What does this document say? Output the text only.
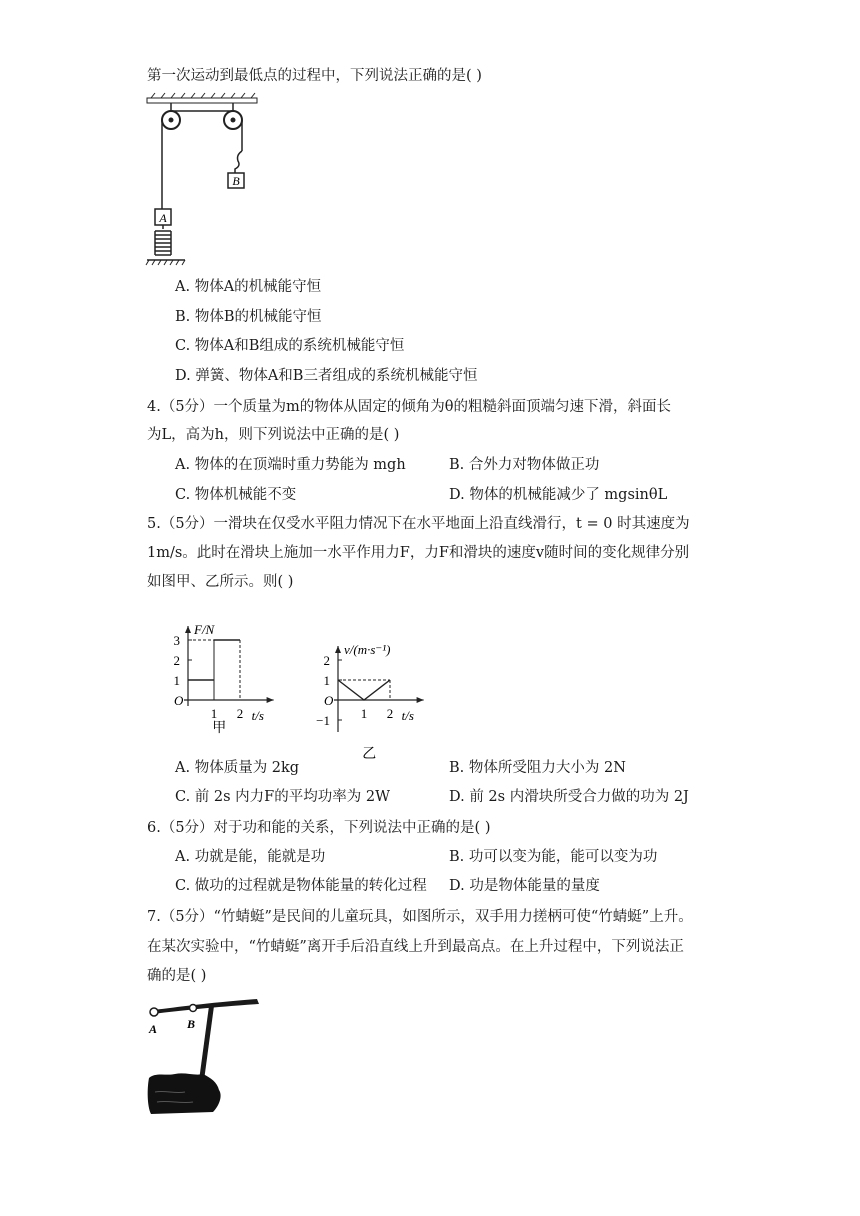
第一次运动到最低点的过程中，下列说法正确的是( )
B
A
A. 物体A的机械能守恒
B. 物体B的机械能守恒
C. 物体A和B组成的系统机械能守恒
D. 弹簧、物体A和B三者组成的系统机械能守恒
4.（5分）一个质量为m的物体从固定的倾角为θ的粗糙斜面顶端匀速下滑，斜面长
为L，高为h，则下列说法中正确的是( )
A. 物体的在顶端时重力势能为 mgh	B. 合外力对物体做正功
C. 物体机械能不变	D. 物体的机械能减少了 mgsinθL
5.（5分）一滑块在仅受水平阻力情况下在水平地面上沿直线滑行，t = 0 时其速度为
1m/s。此时在滑块上施加一水平作用力F，力F和滑块的速度v随时间的变化规律分别
如图甲、乙所示。则( )
F/N
t/s
O
1
2
3
1 2
甲
v/(m·s⁻¹)
t/s
O
−1
1
2
1 2
乙
A. 物体质量为 2kg	B. 物体所受阻力大小为 2N
C. 前 2s 内力F的平均功率为 2W	D. 前 2s 内滑块所受合力做的功为 2J
6.（5分）对于功和能的关系，下列说法中正确的是( )
A. 功就是能，能就是功	B. 功可以变为能，能可以变为功
C. 做功的过程就是物体能量的转化过程 D. 功是物体能量的量度
7.（5分）“竹蜻蜓”是民间的儿童玩具，如图所示，双手用力搓柄可使“竹蜻蜓”上升。
在某次实验中，“竹蜻蜓”离开手后沿直线上升到最高点。在上升过程中，下列说法正
确的是( )
A B
